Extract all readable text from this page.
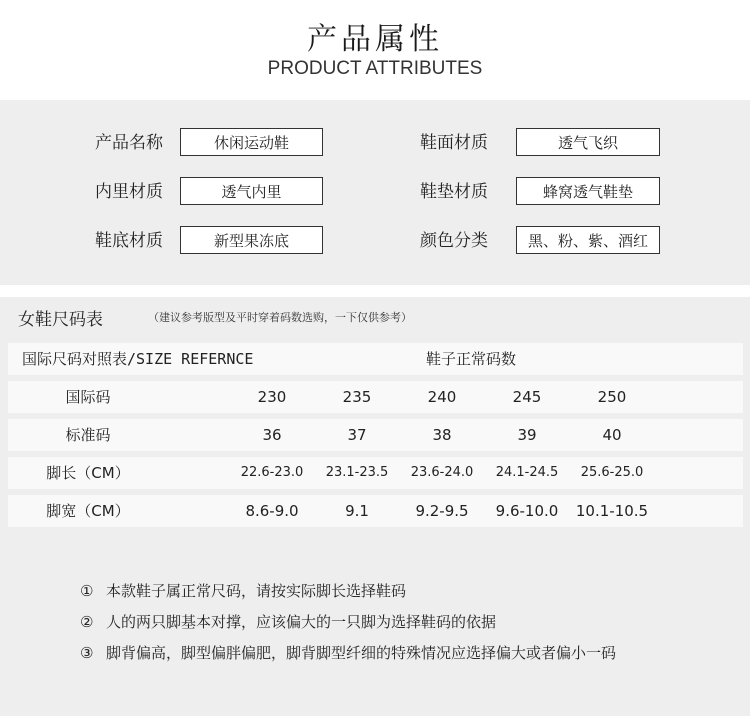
产品属性
PRODUCT ATTRIBUTES
产品名称	休闲运动鞋
内里材质	透气内里
鞋底材质	新型果冻底
鞋面材质	透气飞织
鞋垫材质	蜂窝透气鞋垫
颜色分类	黑、粉、紫、酒红
女鞋尺码表	（建议参考版型及平时穿着码数选购，一下仅供参考）
国际尺码对照表/SIZE REFERNCE	鞋子正常码数
国际码	230	235	240	245	250
标准码	36	37	38	39	40
脚长（CM）	22.6-23.0	23.1-23.5	23.6-24.0	24.1-24.5	25.6-25.0
脚宽（CM）	8.6-9.0	9.1	9.2-9.5	9.6-10.0	10.1-10.5
① 本款鞋子属正常尺码，请按实际脚长选择鞋码
② 人的两只脚基本对撑，应该偏大的一只脚为选择鞋码的依据
③ 脚背偏高，脚型偏胖偏肥，脚背脚型纤细的特殊情况应选择偏大或者偏小一码
